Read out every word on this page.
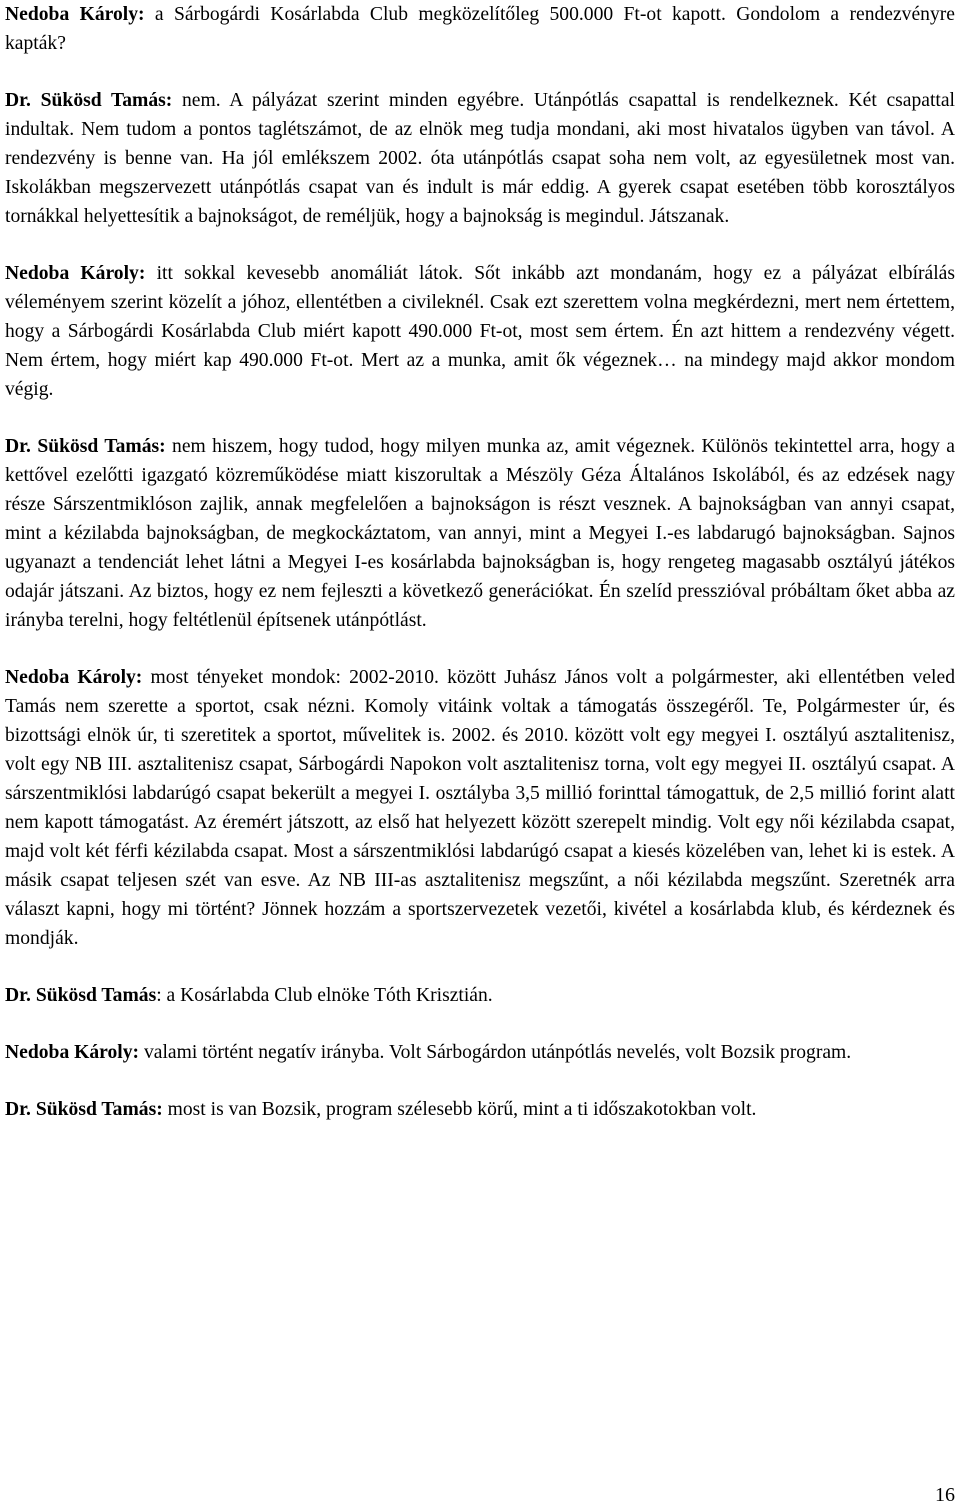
Nedoba Károly: a Sárbogárdi Kosárlabda Club megközelítőleg 500.000 Ft-ot kapott. Gondolom a rendezvényre kapták?

Dr. Sükösd Tamás: nem. A pályázat szerint minden egyébre. Utánpótlás csapattal is rendelkeznek. Két csapattal indultak. Nem tudom a pontos taglétszámot, de az elnök meg tudja mondani, aki most hivatalos ügyben van távol. A rendezvény is benne van. Ha jól emlékszem 2002. óta utánpótlás csapat soha nem volt, az egyesületnek most van. Iskolákban megszervezett utánpótlás csapat van és indult is már eddig. A gyerek csapat esetében több korosztályos tornákkal helyettesítik a bajnokságot, de reméljük, hogy a bajnokság is megindul. Játszanak.

Nedoba Károly: itt sokkal kevesebb anomáliát látok. Sőt inkább azt mondanám, hogy ez a pályázat elbírálás véleményem szerint közelít a jóhoz, ellentétben a civileknél. Csak ezt szerettem volna megkérdezni, mert nem értettem, hogy a Sárbogárdi Kosárlabda Club miért kapott 490.000 Ft-ot, most sem értem. Én azt hittem a rendezvény végett. Nem értem, hogy miért kap 490.000 Ft-ot. Mert az a munka, amit ők végeznek… na mindegy majd akkor mondom végig.

Dr. Sükösd Tamás: nem hiszem, hogy tudod, hogy milyen munka az, amit végeznek. Különös tekintettel arra, hogy a kettővel ezelőtti igazgató közreműködése miatt kiszorultak a Mészöly Géza Általános Iskolából, és az edzések nagy része Sárszentmiklóson zajlik, annak megfelelően a bajnokságon is részt vesznek. A bajnokságban van annyi csapat, mint a kézilabda bajnokságban, de megkockáztatom, van annyi, mint a Megyei I.-es labdarugó bajnokságban. Sajnos ugyanazt a tendenciát lehet látni a Megyei I-es kosárlabda bajnokságban is, hogy rengeteg magasabb osztályú játékos odajár játszani. Az biztos, hogy ez nem fejleszti a következő generációkat. Én szelíd presszióval próbáltam őket abba az irányba terelni, hogy feltétlenül építsenek utánpótlást.

Nedoba Károly: most tényeket mondok: 2002-2010. között Juhász János volt a polgármester, aki ellentétben veled Tamás nem szerette a sportot, csak nézni. Komoly vitáink voltak a támogatás összegéről. Te, Polgármester úr, és bizottsági elnök úr, ti szeretitek a sportot, művelitek is. 2002. és 2010. között volt egy megyei I. osztályú asztalitenisz, volt egy NB III. asztalitenisz csapat, Sárbogárdi Napokon volt asztalitenisz torna, volt egy megyei II. osztályú csapat. A sárszentmiklósi labdarúgó csapat bekerült a megyei I. osztályba 3,5 millió forinttal támogattuk, de 2,5 millió forint alatt nem kapott támogatást. Az éremért játszott, az első hat helyezett között szerepelt mindig. Volt egy női kézilabda csapat, majd volt két férfi kézilabda csapat. Most a sárszentmiklósi labdarúgó csapat a kiesés közelében van, lehet ki is estek. A másik csapat teljesen szét van esve. Az NB III-as asztalitenisz megszűnt, a női kézilabda megszűnt. Szeretnék arra választ kapni, hogy mi történt? Jönnek hozzám a sportszervezetek vezetői, kivétel a kosárlabda klub, és kérdeznek és mondják.

Dr. Sükösd Tamás: a Kosárlabda Club elnöke Tóth Krisztián.

Nedoba Károly: valami történt negatív irányba. Volt Sárbogárdon utánpótlás nevelés, volt Bozsik program.

Dr. Sükösd Tamás: most is van Bozsik, program szélesebb körű, mint a ti időszakotokban volt.

16
